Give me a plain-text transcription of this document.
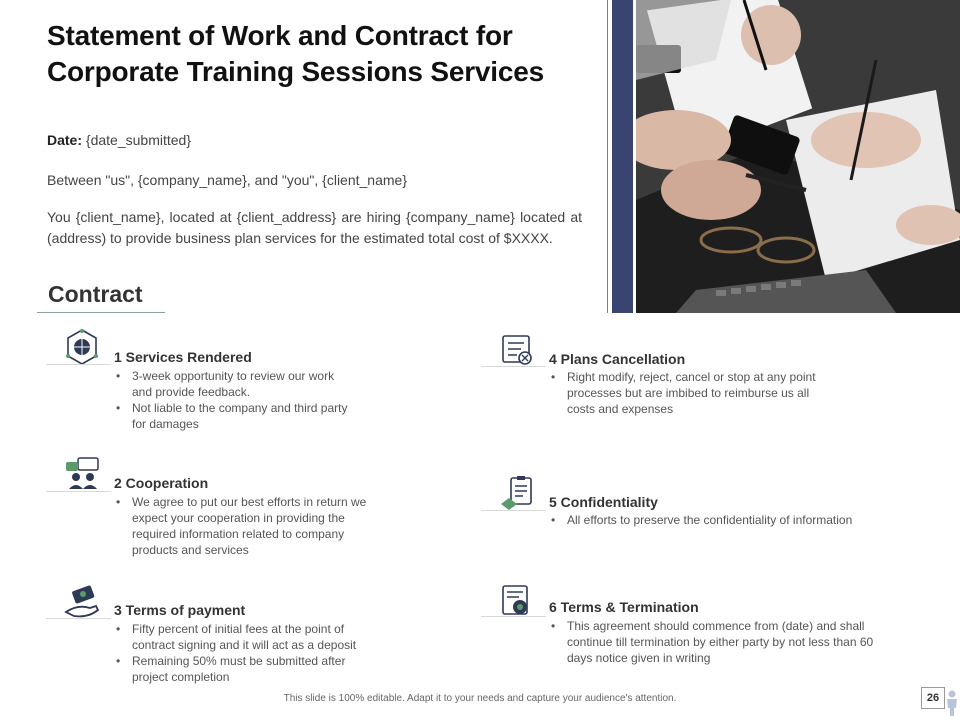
Statement of Work and Contract for
Corporate Training Sessions Services
Date: {date_submitted}

Between "us", {company_name}, and "you", {client_name}

You {client_name}, located at {client_address} are hiring {company_name} located at (address) to provide business plan services for the estimated total cost of $XXXX.

Contract
1 Services Rendered
• 3-week opportunity to review our work and provide feedback.
• Not liable to the company and third party for damages
2 Cooperation
• We agree to put our best efforts in return we expect your cooperation in providing the required information related to company products and services
3 Terms of payment
• Fifty percent of initial fees at the point of contract signing and it will act as a deposit
• Remaining 50% must be submitted after project completion
4 Plans Cancellation
• Right modify, reject, cancel or stop at any point processes but are imbibed to reimburse us all costs and expenses
5 Confidentiality
• All efforts to preserve the confidentiality of information
6 Terms & Termination
• This agreement should commence from (date) and shall continue till termination by either party by not less than 60 days notice given in writing
This slide is 100% editable. Adapt it to your needs and capture your audience's attention.	26
